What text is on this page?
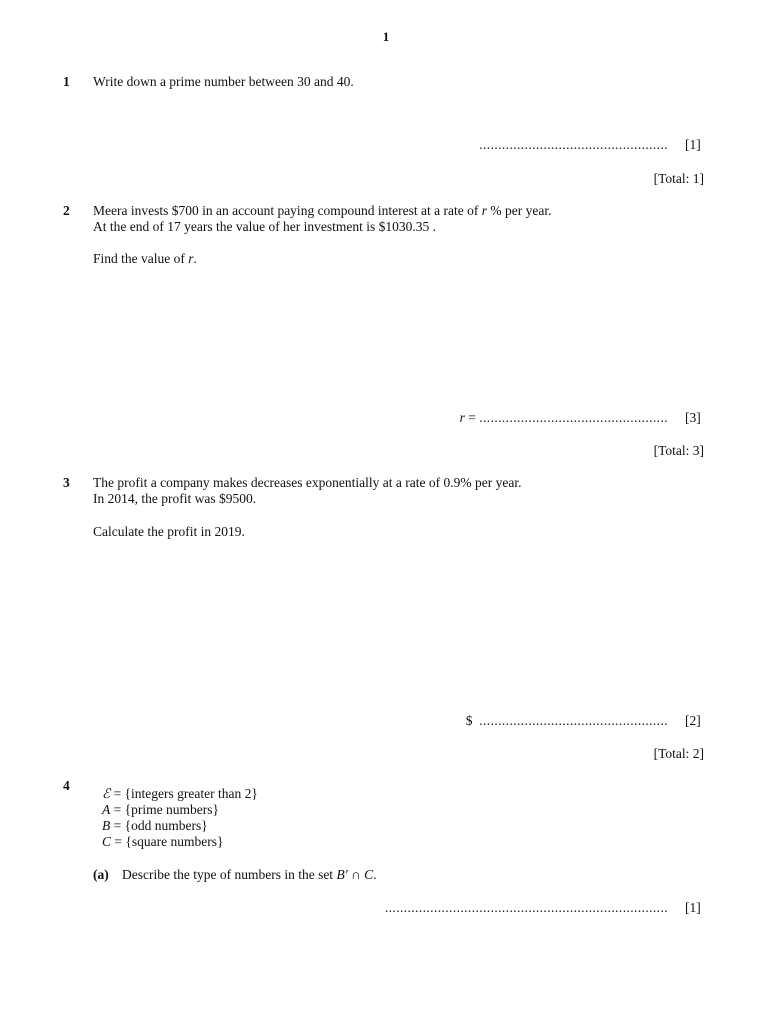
1
1 Write down a prime number between 30 and 40.
.................................................. [1]
[Total: 1]
2 Meera invests $700 in an account paying compound interest at a rate of r % per year.
At the end of 17 years the value of her investment is $1030.35 .
Find the value of r.
r = .................................................. [3]
[Total: 3]
3 The profit a company makes decreases exponentially at a rate of 0.9% per year.
In 2014, the profit was $9500.
Calculate the profit in 2019.
$ .................................................. [2]
[Total: 2]
4
ℰ = {integers greater than 2}
A = {prime numbers}
B = {odd numbers}
C = {square numbers}
(a) Describe the type of numbers in the set B' ∩ C.
........................................................................... [1]
